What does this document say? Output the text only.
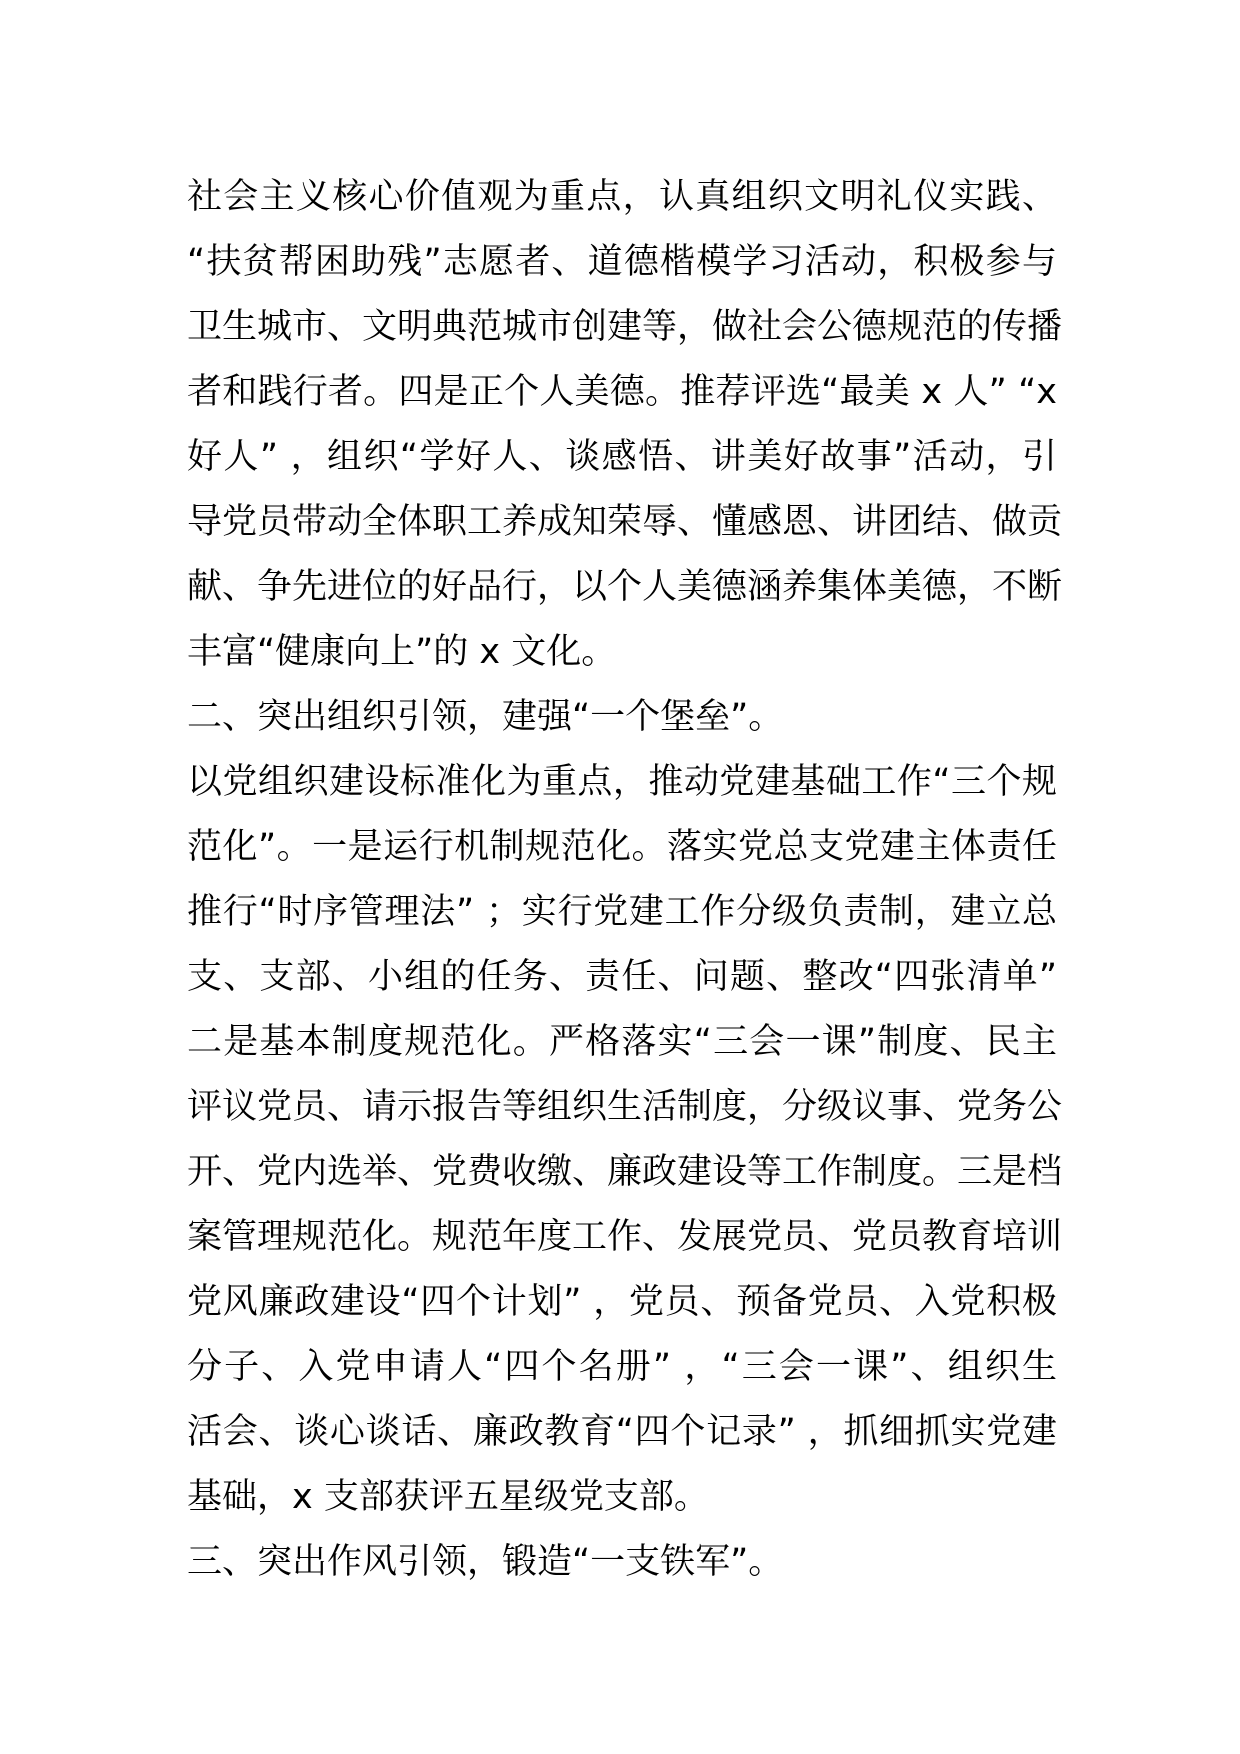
社会主义核心价值观为重点，认真组织文明礼仪实践、
“扶贫帮困助残”志愿者、道德楷模学习活动，积极参与
卫生城市、文明典范城市创建等，做社会公德规范的传播
者和践行者。四是正个人美德。推荐评选“最美 x 人” “x
好人” ，组织“学好人、谈感悟、讲美好故事”活动，引
导党员带动全体职工养成知荣辱、懂感恩、讲团结、做贡
献、争先进位的好品行，以个人美德涵养集体美德，不断
丰富“健康向上”的 x 文化。
二、突出组织引领，建强“一个堡垒”。
以党组织建设标准化为重点，推动党建基础工作“三个规
范化”。一是运行机制规范化。落实党总支党建主体责任
推行“时序管理法” ；实行党建工作分级负责制，建立总
支、支部、小组的任务、责任、问题、整改“四张清单”
二是基本制度规范化。严格落实“三会一课”制度、民主
评议党员、请示报告等组织生活制度，分级议事、党务公
开、党内选举、党费收缴、廉政建设等工作制度。三是档
案管理规范化。规范年度工作、发展党员、党员教育培训
党风廉政建设“四个计划” ，党员、预备党员、入党积极
分子、入党申请人“四个名册” ，“三会一课”、组织生
活会、谈心谈话、廉政教育“四个记录” ，抓细抓实党建
基础，x 支部获评五星级党支部。
三、突出作风引领，锻造“一支铁军”。
